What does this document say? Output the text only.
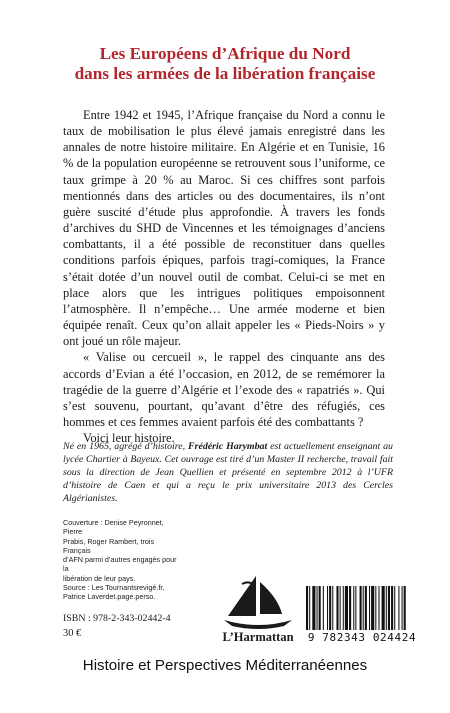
Les Européens d’Afrique du Nord
dans les armées de la libération française

Entre 1942 et 1945, l’Afrique française du Nord a connu le taux de mobilisation le plus élevé jamais enregistré dans les annales de notre histoire militaire. En Algérie et en Tunisie, 16 % de la population européenne se retrouvent sous l’uniforme, ce taux grimpe à 20 % au Maroc. Si ces chiffres sont parfois mentionnés dans des articles ou des documentaires, ils n’ont guère suscité d’étude plus approfondie. À travers les fonds d’archives du SHD de Vincennes et les témoignages d’anciens combattants, il a été possible de reconstituer dans quelles conditions parfois épiques, parfois tragi-comiques, la France s’était dotée d’un nouvel outil de combat. Celui-ci se met en place alors que les intrigues politiques empoisonnent l’atmosphère. Il n’empêche… Une armée moderne et bien équipée renaît. Ceux qu’on allait appeler les « Pieds-Noirs » y ont joué un rôle majeur.

« Valise ou cercueil », le rappel des cinquante ans des accords d’Evian a été l’occasion, en 2012, de se remémorer la tragédie de la guerre d’Algérie et l’exode des « rapatriés ». Qui s’est souvenu, pourtant, qu’avant d’être des réfugiés, ces hommes et ces femmes avaient parfois été des combattants ?

Voici leur histoire.

Né en 1965, agrégé d’histoire, Frédéric Harymbat est actuellement enseignant au lycée Chartier à Bayeux. Cet ouvrage est tiré d’un Master II recherche, travail fait sous la direction de Jean Quellien et présenté en septembre 2012 à l’UFR d’histoire de Caen et qui a reçu le prix universitaire 2013 des Cercles Algérianistes.

Couverture : Denise Peyronnet, Pierre
Prabis, Roger Rambert, trois Français
d’AFN parmi d’autres engagés pour la
libération de leur pays.
Source : Les Tournantsrevigé.fr,
Patrice Laverdet.page.perso.

ISBN : 978-2-343-02442-4

30 €	L’Harmattan	9 782343 024424

Histoire et Perspectives Méditerranéennes
